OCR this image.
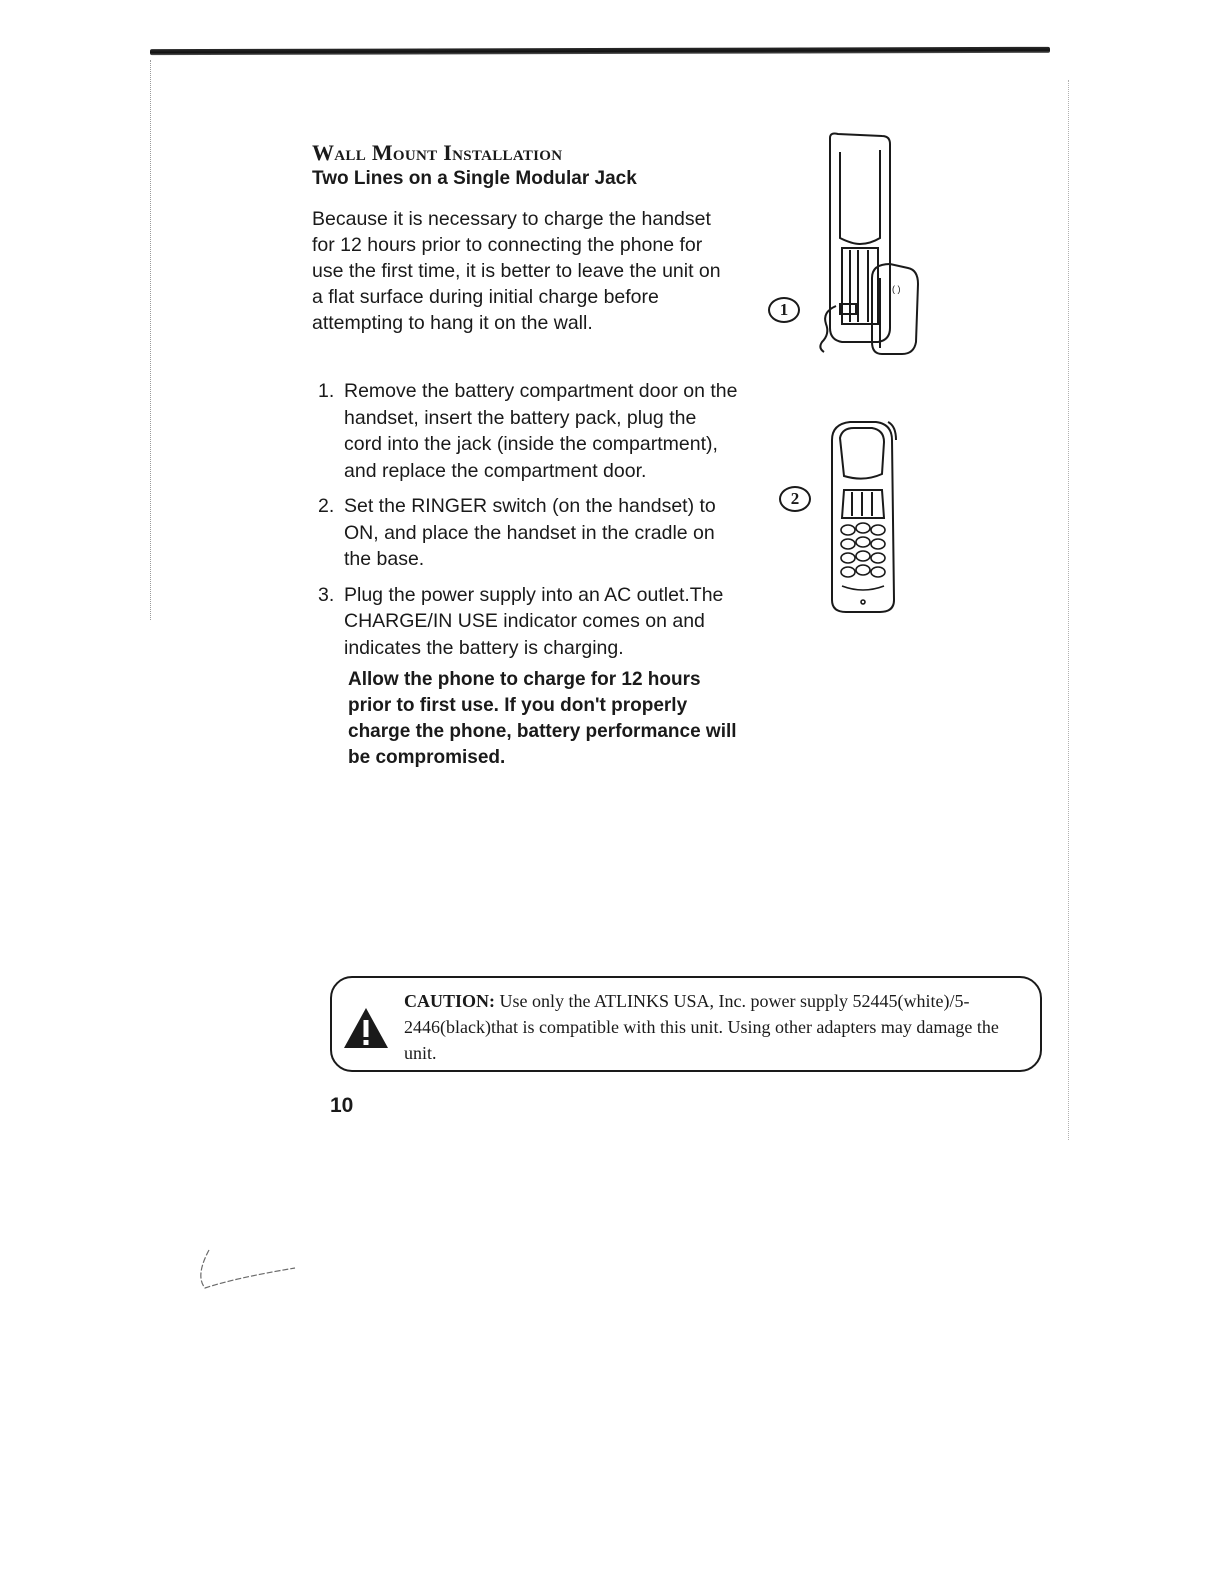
Wall Mount Installation
Two Lines on a Single Modular Jack
Because it is necessary to charge the handset for 12 hours prior to connecting the phone for use the first time, it is better to leave the unit on a flat surface during initial charge before attempting to hang it on the wall.
1. Remove the battery compartment door on the handset, insert the battery pack, plug the cord into the jack (inside the compartment), and replace the compartment door.
2. Set the RINGER switch (on the handset) to ON, and place the handset in the cradle on the base.
3. Plug the power supply into an AC outlet.The CHARGE/IN USE indicator comes on and indicates the battery is charging.
Allow the phone to charge for 12 hours prior to first use. If you don't properly charge the phone, battery performance will be compromised.
1
( )
2
CAUTION: Use only the ATLINKS USA, Inc. power supply 52445(white)/5-2446(black)that is compatible with this unit. Using other adapters may damage the unit.
10
